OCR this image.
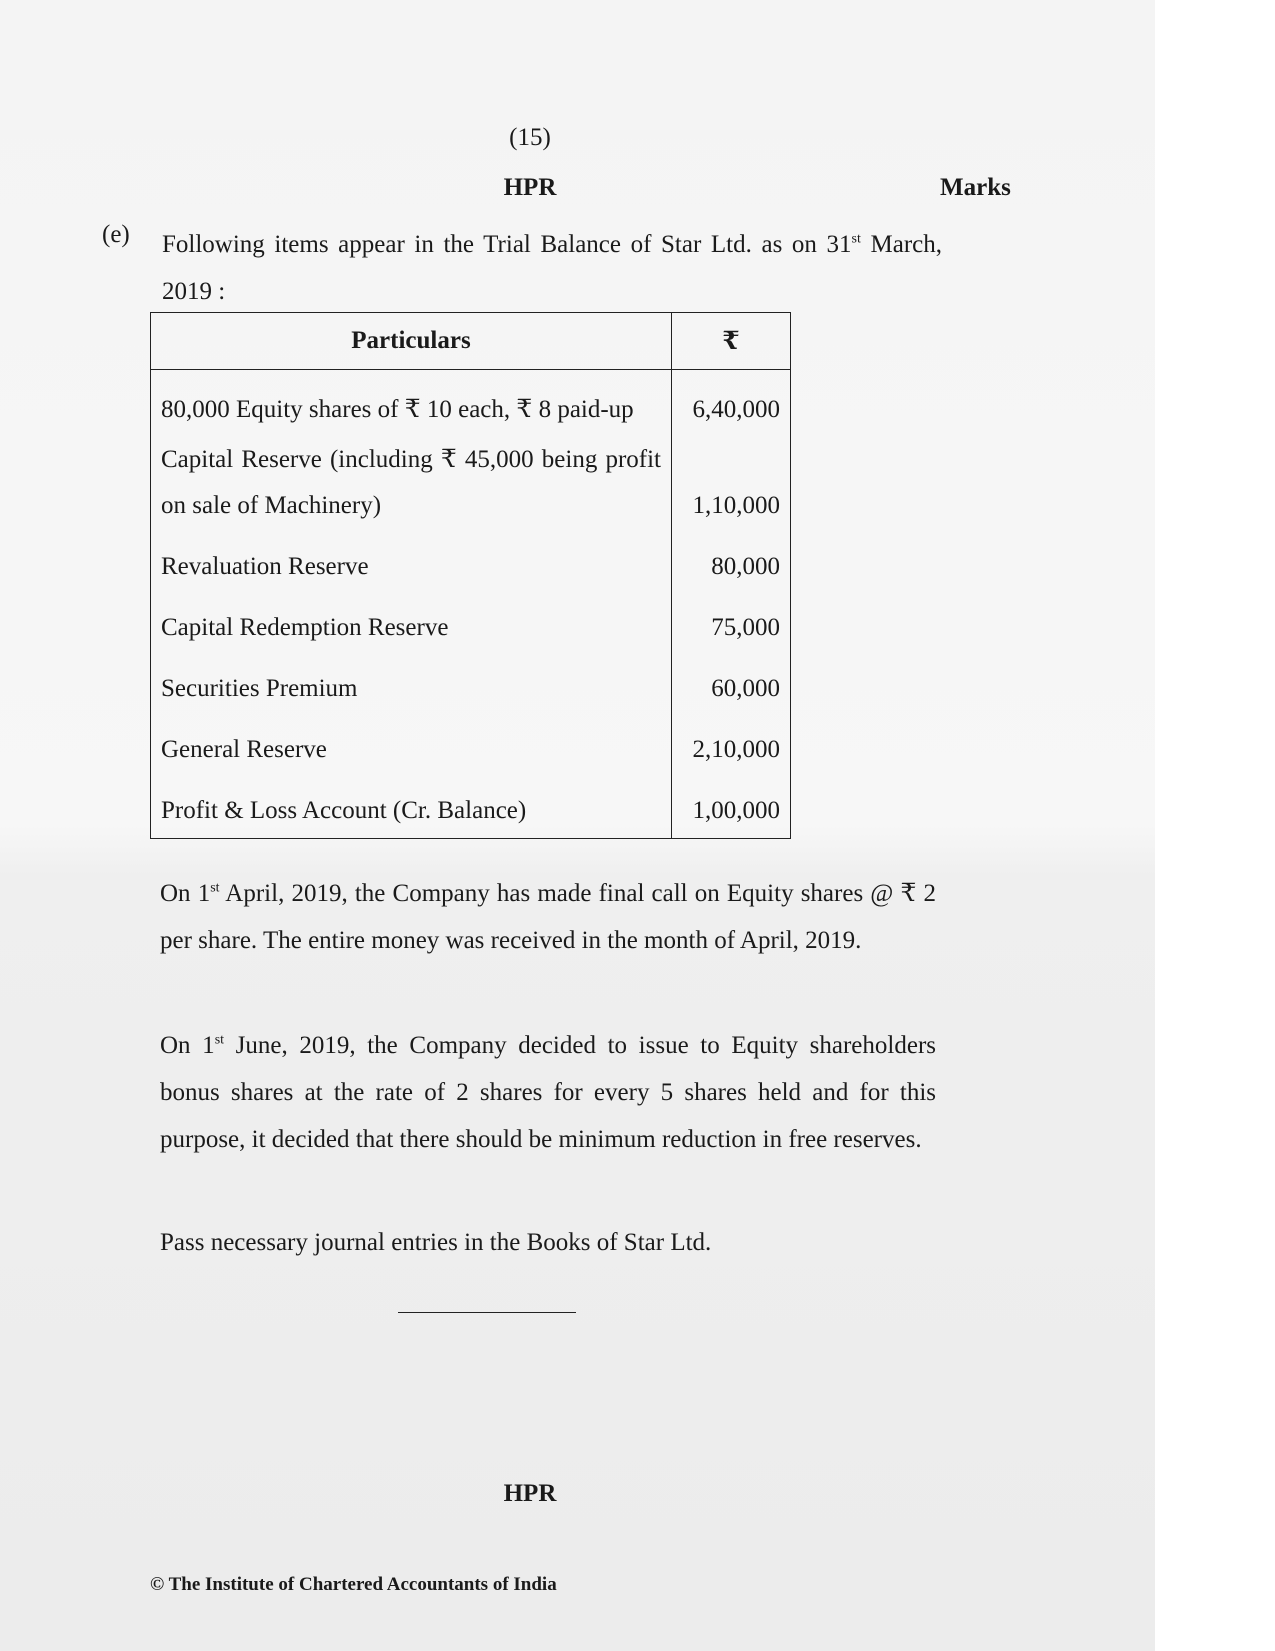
(15)
HPR	Marks
(e) Following items appear in the Trial Balance of Star Ltd. as on 31st March, 2019 :
Particulars	₹

80,000 Equity shares of ₹ 10 each, ₹ 8 paid-up	6,40,000

Capital Reserve (including ₹ 45,000 being profit on sale of Machinery)	1,10,000
Revaluation Reserve	80,000
Capital Redemption Reserve	75,000
Securities Premium	60,000
General Reserve	2,10,000
Profit & Loss Account (Cr. Balance)	1,00,000
On 1st April, 2019, the Company has made final call on Equity shares @ ₹ 2 per share. The entire money was received in the month of April, 2019.
On 1st June, 2019, the Company decided to issue to Equity shareholders bonus shares at the rate of 2 shares for every 5 shares held and for this purpose, it decided that there should be minimum reduction in free reserves.
Pass necessary journal entries in the Books of Star Ltd.
HPR
© The Institute of Chartered Accountants of India
